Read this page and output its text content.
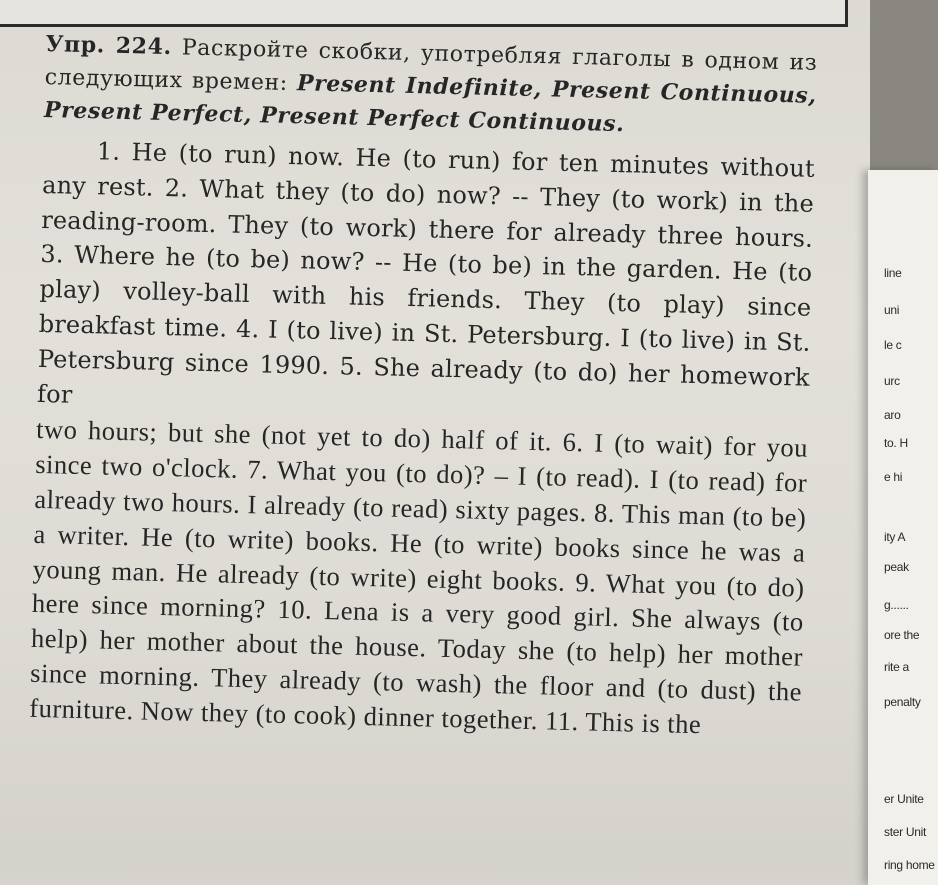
Упр. 224. Раскройте скобки, употребляя глаголы в одном из следующих времен: Present Indefinite, Present Continuous, Present Perfect, Present Perfect Continuous.

1. He (to run) now. He (to run) for ten minutes without any rest. 2. What they (to do) now? -- They (to work) in the reading-room. They (to work) there for already three hours. 3. Where he (to be) now? -- He (to be) in the garden. He (to play) volley-ball with his friends. They (to play) since breakfast time. 4. I (to live) in St. Petersburg. I (to live) in St. Petersburg since 1990. 5. She already (to do) her homework for

two hours; but she (not yet to do) half of it. 6. I (to wait) for you since two o'clock. 7. What you (to do)? – I (to read). I (to read) for already two hours. I already (to read) sixty pages. 8. This man (to be) a writer. He (to write) books. He (to write) books since he was a young man. He already (to write) eight books. 9. What you (to do) here since morning? 10. Lena is a very good girl. She always (to help) her mother about the house. Today she (to help) her mother since morning. They already (to wash) the floor and (to dust) the furniture. Now they (to cook) dinner together. 11. This is the

line
uni
le c
urc
aro
to. H
e hi
ity A
peak
g......
ore the
rite a
penalty
er Unite
ster Unit
ring home
